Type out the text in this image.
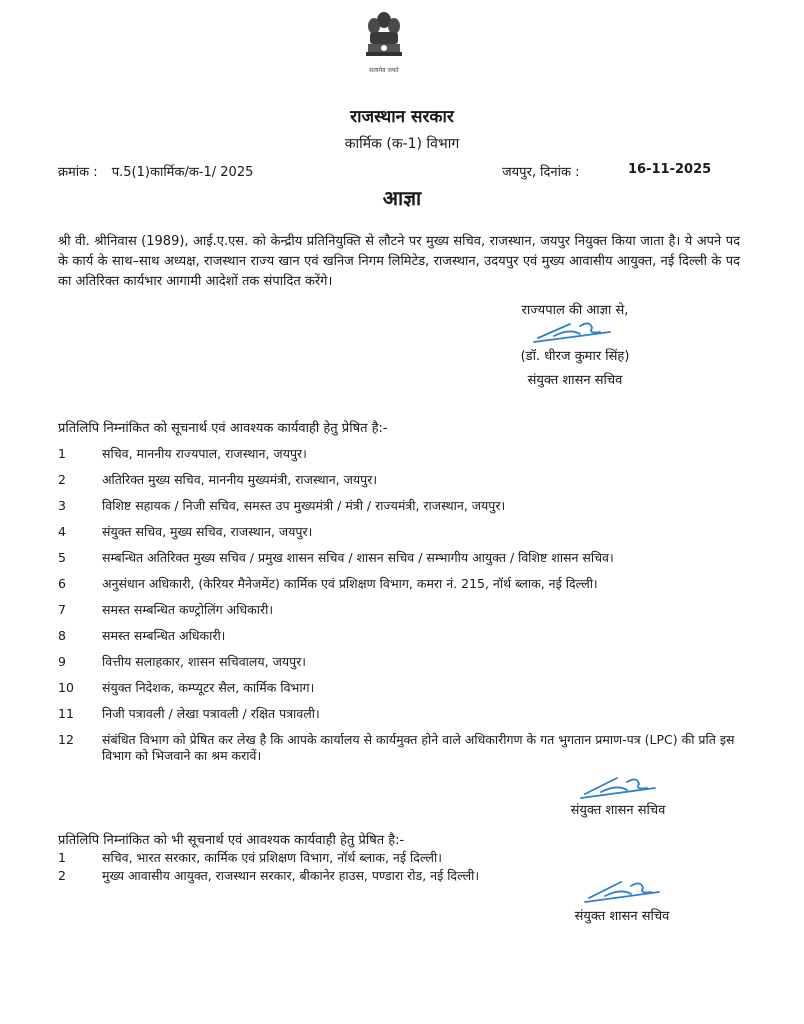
सत्यमेव जयते
राजस्थान सरकार
कार्मिक (क-1) विभाग
क्रमांक : प.5(1)कार्मिक/क-1/ 2025	जयपुर, दिनांक :	16-11-2025
आज्ञा
श्री वी. श्रीनिवास (1989), आई.ए.एस. को केन्द्रीय प्रतिनियुक्ति से लौटने पर मुख्य सचिव, राजस्थान, जयपुर नियुक्त किया जाता है। ये अपने पद के कार्य के साथ–साथ अध्यक्ष, राजस्थान राज्य खान एवं खनिज निगम लिमिटेड, राजस्थान, उदयपुर एवं मुख्य आवासीय आयुक्त, नई दिल्ली के पद का अतिरिक्त कार्यभार आगामी आदेशों तक संपादित करेंगे।
राज्यपाल की आज्ञा से,
(डॉ. धीरज कुमार सिंह)
संयुक्त शासन सचिव
प्रतिलिपि निम्नांकित को सूचनार्थ एवं आवश्यक कार्यवाही हेतु प्रेषित है:-
1	सचिव, माननीय राज्यपाल, राजस्थान, जयपुर।
2	अतिरिक्त मुख्य सचिव, माननीय मुख्यमंत्री, राजस्थान, जयपुर।
3	विशिष्ट सहायक / निजी सचिव, समस्त उप मुख्यमंत्री / मंत्री / राज्यमंत्री, राजस्थान, जयपुर।
4	संयुक्त सचिव, मुख्य सचिव, राजस्थान, जयपुर।
5	सम्बन्धित अतिरिक्त मुख्य सचिव / प्रमुख शासन सचिव / शासन सचिव / सम्भागीय आयुक्त / विशिष्ट शासन सचिव।
6	अनुसंधान अधिकारी, (केरियर मैनेजमेंट) कार्मिक एवं प्रशिक्षण विभाग, कमरा नं. 215, नॉर्थ ब्लाक, नई दिल्ली।
7	समस्त सम्बन्धित कण्ट्रोलिंग अधिकारी।
8	समस्त सम्बन्धित अधिकारी।
9	वित्तीय सलाहकार, शासन सचिवालय, जयपुर।
10 संयुक्त निदेशक, कम्प्यूटर सैल, कार्मिक विभाग।
11 निजी पत्रावली / लेखा पत्रावली / रक्षित पत्रावली।
12 संबंधित विभाग को प्रेषित कर लेख है कि आपके कार्यालय से कार्यमुक्त होने वाले अधिकारीगण के गत भुगतान प्रमाण-पत्र (LPC) की प्रति इस विभाग को भिजवाने का श्रम करावें।
संयुक्त शासन सचिव
प्रतिलिपि निम्नांकित को भी सूचनार्थ एवं आवश्यक कार्यवाही हेतु प्रेषित है:-
1	सचिव, भारत सरकार, कार्मिक एवं प्रशिक्षण विभाग, नॉर्थ ब्लाक, नई दिल्ली।
2	मुख्य आवासीय आयुक्त, राजस्थान सरकार, बीकानेर हाउस, पण्डारा रोड, नई दिल्ली।
संयुक्त शासन सचिव
